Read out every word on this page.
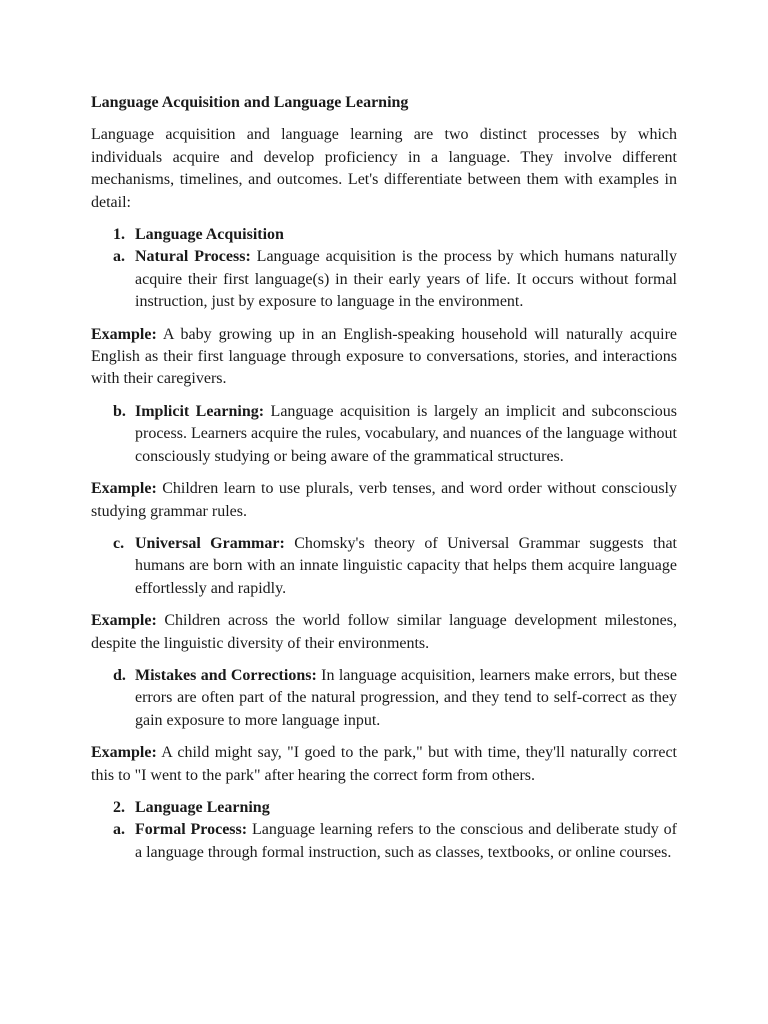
Language Acquisition and Language Learning
Language acquisition and language learning are two distinct processes by which individuals acquire and develop proficiency in a language. They involve different mechanisms, timelines, and outcomes. Let's differentiate between them with examples in detail:
1. Language Acquisition
a. Natural Process: Language acquisition is the process by which humans naturally acquire their first language(s) in their early years of life. It occurs without formal instruction, just by exposure to language in the environment.
Example: A baby growing up in an English-speaking household will naturally acquire English as their first language through exposure to conversations, stories, and interactions with their caregivers.
b. Implicit Learning: Language acquisition is largely an implicit and subconscious process. Learners acquire the rules, vocabulary, and nuances of the language without consciously studying or being aware of the grammatical structures.
Example: Children learn to use plurals, verb tenses, and word order without consciously studying grammar rules.
c. Universal Grammar: Chomsky's theory of Universal Grammar suggests that humans are born with an innate linguistic capacity that helps them acquire language effortlessly and rapidly.
Example: Children across the world follow similar language development milestones, despite the linguistic diversity of their environments.
d. Mistakes and Corrections: In language acquisition, learners make errors, but these errors are often part of the natural progression, and they tend to self-correct as they gain exposure to more language input.
Example: A child might say, "I goed to the park," but with time, they'll naturally correct this to "I went to the park" after hearing the correct form from others.
2. Language Learning
a. Formal Process: Language learning refers to the conscious and deliberate study of a language through formal instruction, such as classes, textbooks, or online courses.
